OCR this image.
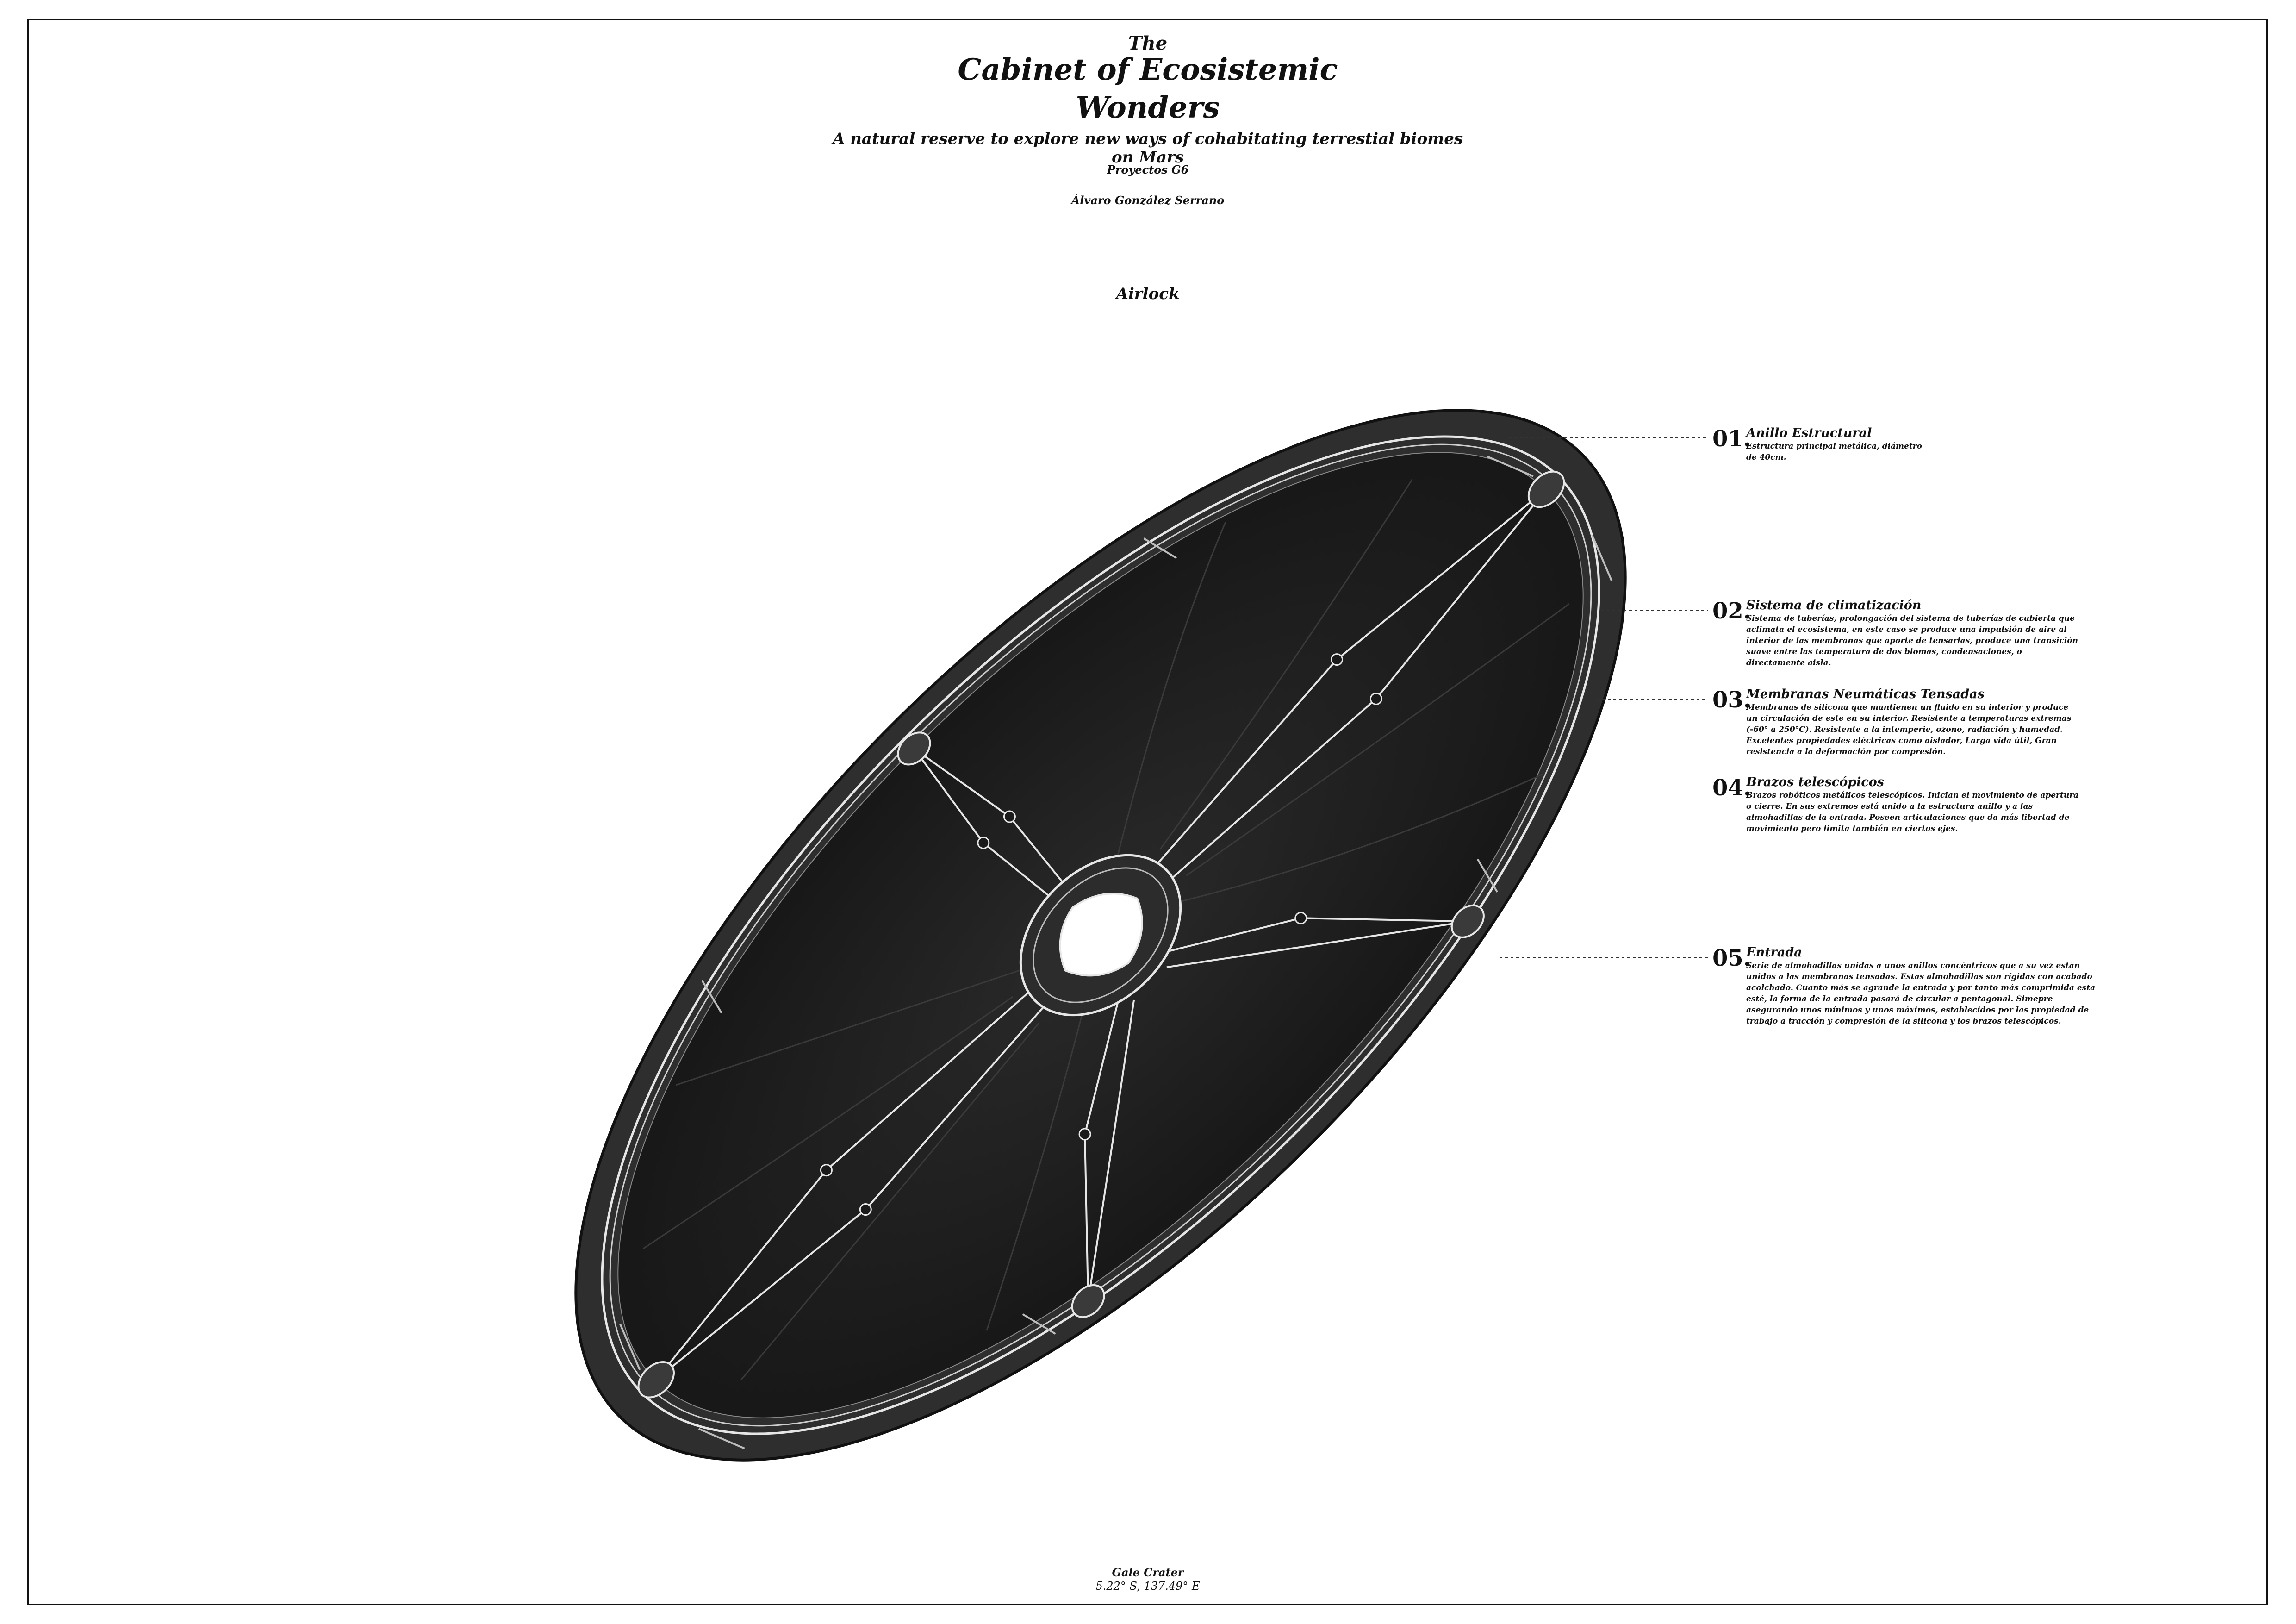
The
Cabinet of Ecosistemic Wonders
A natural reserve to explore new ways of cohabitating terrestial biomes on Mars
Proyectos G6
Álvaro González Serrano
Airlock
01.
Anillo Estructural
Estructura principal metálica, diámetro de 40cm.
02.
Sistema de climatización
Sistema de tuberías, prolongación del sistema de tuberías de cubierta que aclimata el ecosistema, en este caso se produce una impulsión de aire al interior de las membranas que aporte de tensarlas, produce una transición suave entre las temperatura de dos biomas, condensaciones, o directamente aisla.
03.
Membranas Neumáticas Tensadas
Membranas de silicona que mantienen un fluido en su interior y produce un circulación de este en su interior. Resistente a temperaturas extremas (-60° a 250°C). Resistente a la intemperie, ozono, radiación y humedad. Excelentes propiedades eléctricas como aislador, Larga vida útil, Gran resistencia a la deformación por compresión.
04.
Brazos telescópicos
Brazos robóticos metálicos telescópicos. Inician el movimiento de apertura o cierre. En sus extremos está unido a la estructura anillo y a las almohadillas de la entrada. Poseen articulaciones que da más libertad de movimiento pero limita también en ciertos ejes.
05.
Entrada
Serie de almohadillas unidas a unos anillos concéntricos que a su vez están unidos a las membranas tensadas. Estas almohadillas son rígidas con acabado acolchado. Cuanto más se agrande la entrada y por tanto más comprimida esta esté, la forma de la entrada pasará de circular a pentagonal. Simepre asegurando unos mínimos y unos máximos, establecidos por las propiedad de trabajo a tracción y compresión de la silicona y los brazos telescópicos.
Gale Crater
5.22° S, 137.49° E
